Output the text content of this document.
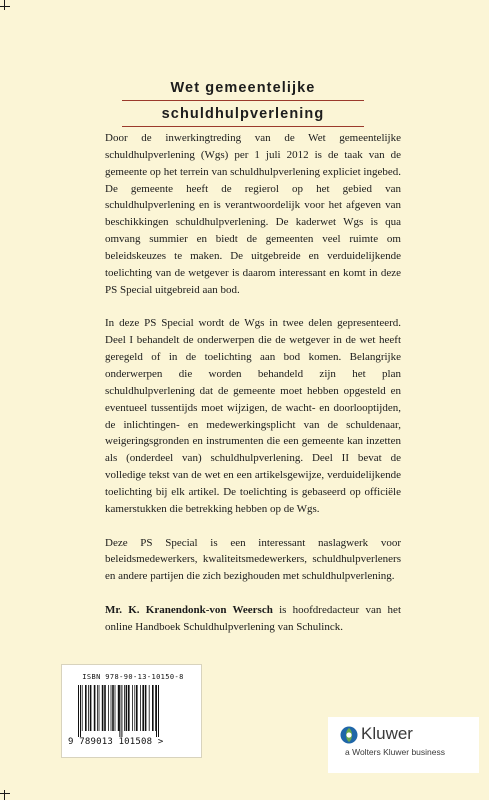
Wet gemeentelijke
schuldhulpverlening

Door de inwerkingtreding van de Wet gemeentelijke schuldhulpverlening (Wgs) per 1 juli 2012 is de taak van de gemeente op het terrein van schuldhulpverlening expliciet ingebed. De gemeente heeft de regierol op het gebied van schuldhulpverlening en is verantwoordelijk voor het afgeven van beschikkingen schuldhulpverlening. De kaderwet Wgs is qua omvang summier en biedt de gemeenten veel ruimte om beleidskeuzes te maken. De uitgebreide en verduidelijkende toelichting van de wetgever is daarom interessant en komt in deze PS Special uitgebreid aan bod.

In deze PS Special wordt de Wgs in twee delen gepresenteerd. Deel I behandelt de onderwerpen die de wetgever in de wet heeft geregeld of in de toelichting aan bod komen. Belangrijke onderwerpen die worden behandeld zijn het plan schuldhulpverlening dat de gemeente moet hebben opgesteld en eventueel tussentijds moet wijzigen, de wacht- en doorlooptijden, de inlichtingen- en medewerkingsplicht van de schuldenaar, weigeringsgronden en instrumenten die een gemeente kan inzetten als (onderdeel van) schuldhulpverlening. Deel II bevat de volledige tekst van de wet en een artikelsgewijze, verduidelijkende toelichting bij elk artikel. De toelichting is gebaseerd op officiële kamerstukken die betrekking hebben op de Wgs.

Deze PS Special is een interessant naslagwerk voor beleidsmedewerkers, kwaliteitsmedewerkers, schuldhulpverleners en andere partijen die zich bezighouden met schuldhulpverlening.

Mr. K. Kranendonk-von Weersch is hoofdredacteur van het online Handboek Schuldhulpverlening van Schulinck.

ISBN 978-90-13-10150-8
9 789013 101508 >	Kluwer
a Wolters Kluwer business
